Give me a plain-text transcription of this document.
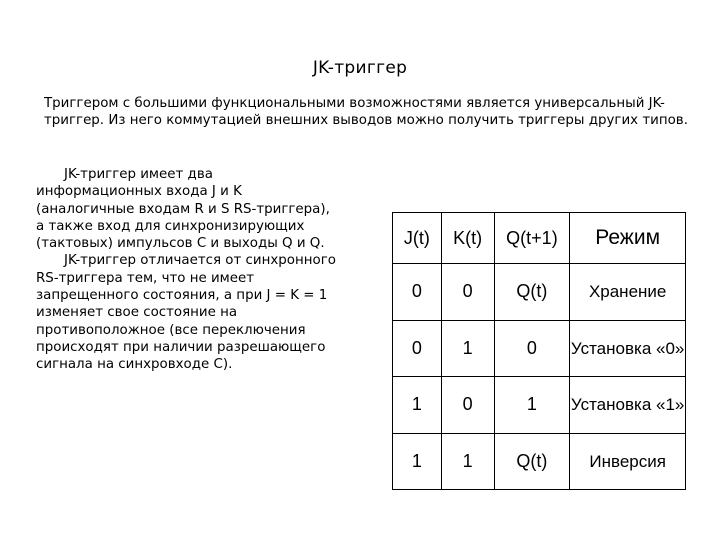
JK-триггер
Триггером с большими функциональными возможностями является универсальный JK-триггер. Из него коммутацией внешних выводов можно получить триггеры других типов.

JK-триггер имеет два информационных входа J и K (аналогичные входам R и S RS-триггера), а также вход для синхронизирующих (тактовых) импульсов С и выходы Q и Q.

JK-триггер отличается от синхронного RS-триггера тем, что не имеет запрещенного состояния, а при J = K = 1 изменяет свое состояние на противоположное (все переключения происходят при наличии разрешающего сигнала на синхровходе С).

J(t)	K(t)	Q(t+1)	Режим
0	0	Q(t)	Хранение
0	1	0	Установка «0»
1	0	1	Установка «1»
1	1	Q(t)	Инверсия
